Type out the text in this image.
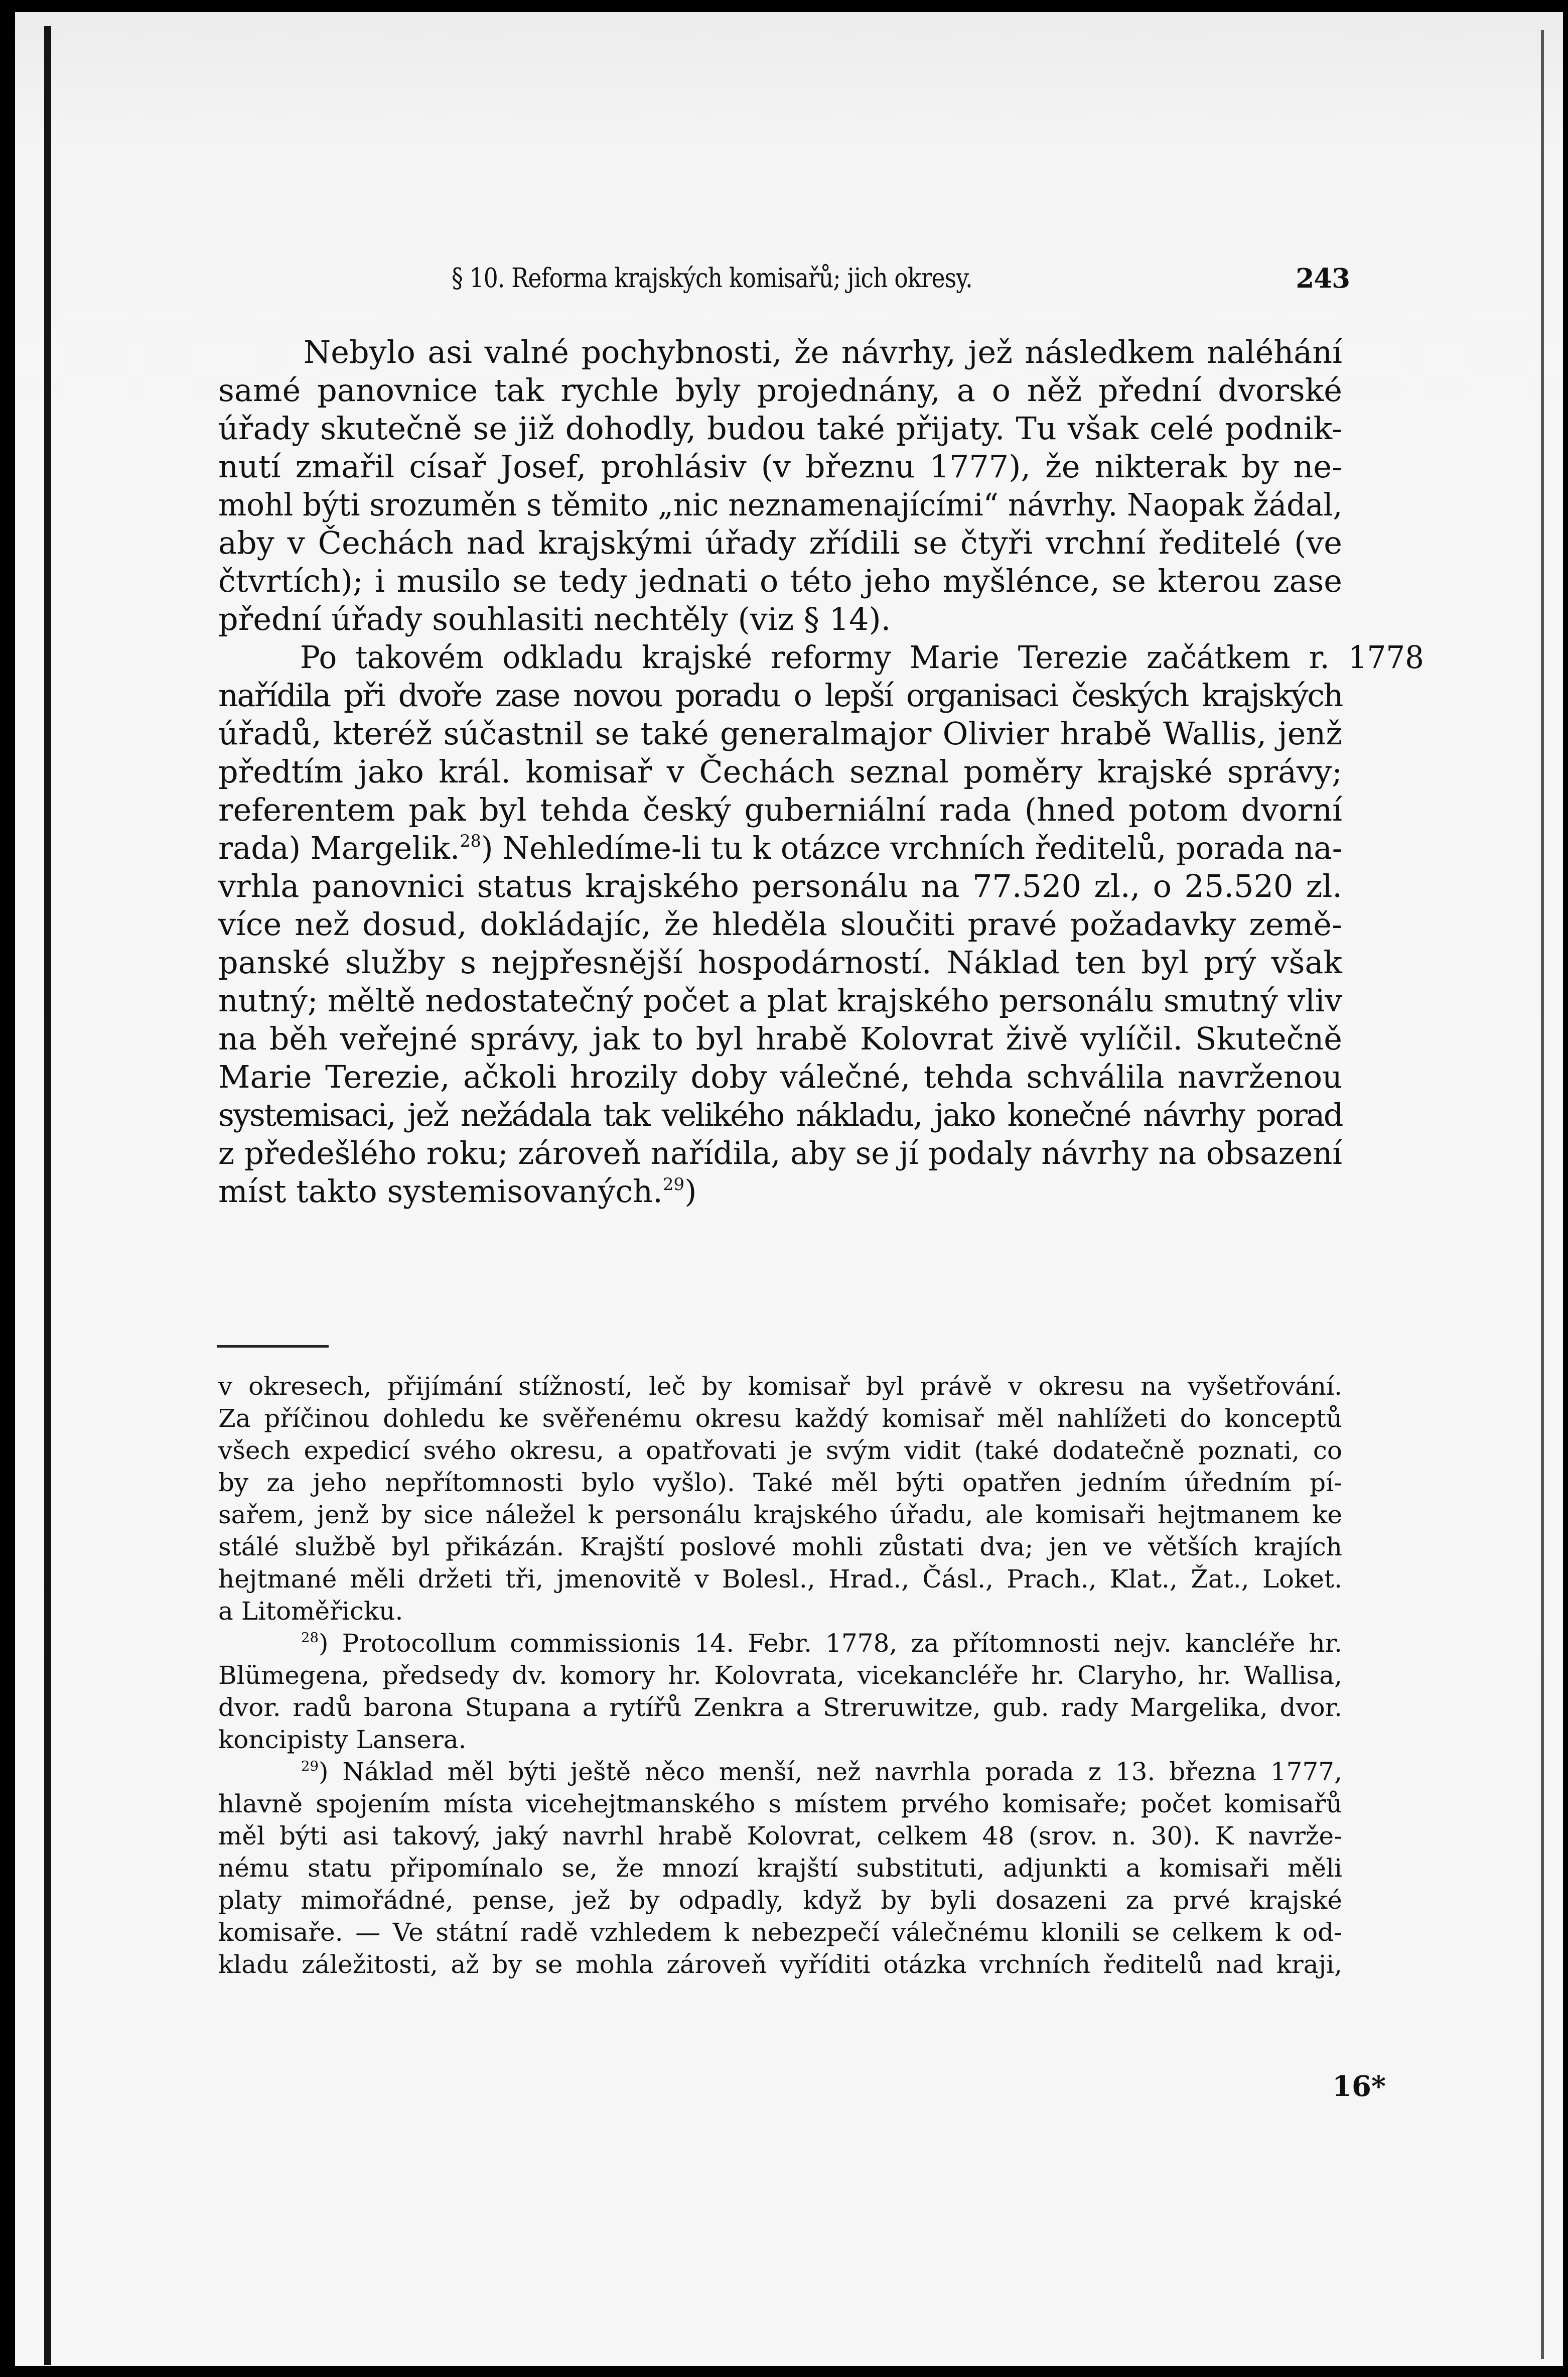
§ 10. Reforma krajských komisařů; jich okresy.	243
Nebylo asi valné pochybnosti, že návrhy, jež následkem naléhání
samé panovnice tak rychle byly projednány, a o něž přední dvorské
úřady skutečně se již dohodly, budou také přijaty. Tu však celé podnik-
nutí zmařil císař Josef, prohlásiv (v březnu 1777), že nikterak by ne-
mohl býti srozuměn s těmito „nic neznamenajícími“ návrhy. Naopak žádal,
aby v Čechách nad krajskými úřady zřídili se čtyři vrchní ředitelé (ve
čtvrtích); i musilo se tedy jednati o této jeho myšlénce, se kterou zase
přední úřady souhlasiti nechtěly (viz § 14).
Po takovém odkladu krajské reformy Marie Terezie začátkem r. 1778
nařídila při dvoře zase novou poradu o lepší organisaci českých krajských
úřadů, kteréž súčastnil se také generalmajor Olivier hrabě Wallis, jenž
předtím jako král. komisař v Čechách seznal poměry krajské správy;
referentem pak byl tehda český guberniální rada (hned potom dvorní
rada) Margelik.$^{28}$) Nehledíme-li tu k otázce vrchních ředitelů, porada na-
vrhla panovnici status krajského personálu na 77.520 zl., o 25.520 zl.
více než dosud, dokládajíc, že hleděla sloučiti pravé požadavky země-
panské služby s nejpřesnější hospodárností. Náklad ten byl prý však
nutný; měltě nedostatečný počet a plat krajského personálu smutný vliv
na běh veřejné správy, jak to byl hrabě Kolovrat živě vylíčil. Skutečně
Marie Terezie, ačkoli hrozily doby válečné, tehda schválila navrženou
systemisaci, jež nežádala tak velikého nákladu, jako konečné návrhy porad
z předešlého roku; zároveň nařídila, aby se jí podaly návrhy na obsazení
míst takto systemisovaných.$^{29}$)
v okresech, přijímání stížností, leč by komisař byl právě v okresu na vyšetřování.
Za příčinou dohledu ke svěřenému okresu každý komisař měl nahlížeti do konceptů
všech expedicí svého okresu, a opatřovati je svým vidit (také dodatečně poznati, co
by za jeho nepřítomnosti bylo vyšlo). Také měl býti opatřen jedním úředním pí-
sařem, jenž by sice náležel k personálu krajského úřadu, ale komisaři hejtmanem ke
stálé službě byl přikázán. Krajští poslové mohli zůstati dva; jen ve větších krajích
hejtmané měli držeti tři, jmenovitě v Bolesl., Hrad., Čásl., Prach., Klat., Žat., Loket.
a Litoměřicku.
$^{28}$) Protocollum commissionis 14. Febr. 1778, za přítomnosti nejv. kancléře hr.
Blümegena, předsedy dv. komory hr. Kolovrata, vicekancléře hr. Claryho, hr. Wallisa,
dvor. radů barona Stupana a rytířů Zenkra a Streruwitze, gub. rady Margelika, dvor.
koncipisty Lansera.
$^{29}$) Náklad měl býti ještě něco menší, než navrhla porada z 13. března 1777,
hlavně spojením místa vicehejtmanského s místem prvého komisaře; počet komisařů
měl býti asi takový, jaký navrhl hrabě Kolovrat, celkem 48 (srov. n. 30). K navrže-
nému statu připomínalo se, že mnozí krajští substituti, adjunkti a komisaři měli
platy mimořádné, pense, jež by odpadly, když by byli dosazeni za prvé krajské
komisaře. — Ve státní radě vzhledem k nebezpečí válečnému klonili se celkem k od-
kladu záležitosti, až by se mohla zároveň vyříditi otázka vrchních ředitelů nad kraji,
16*
